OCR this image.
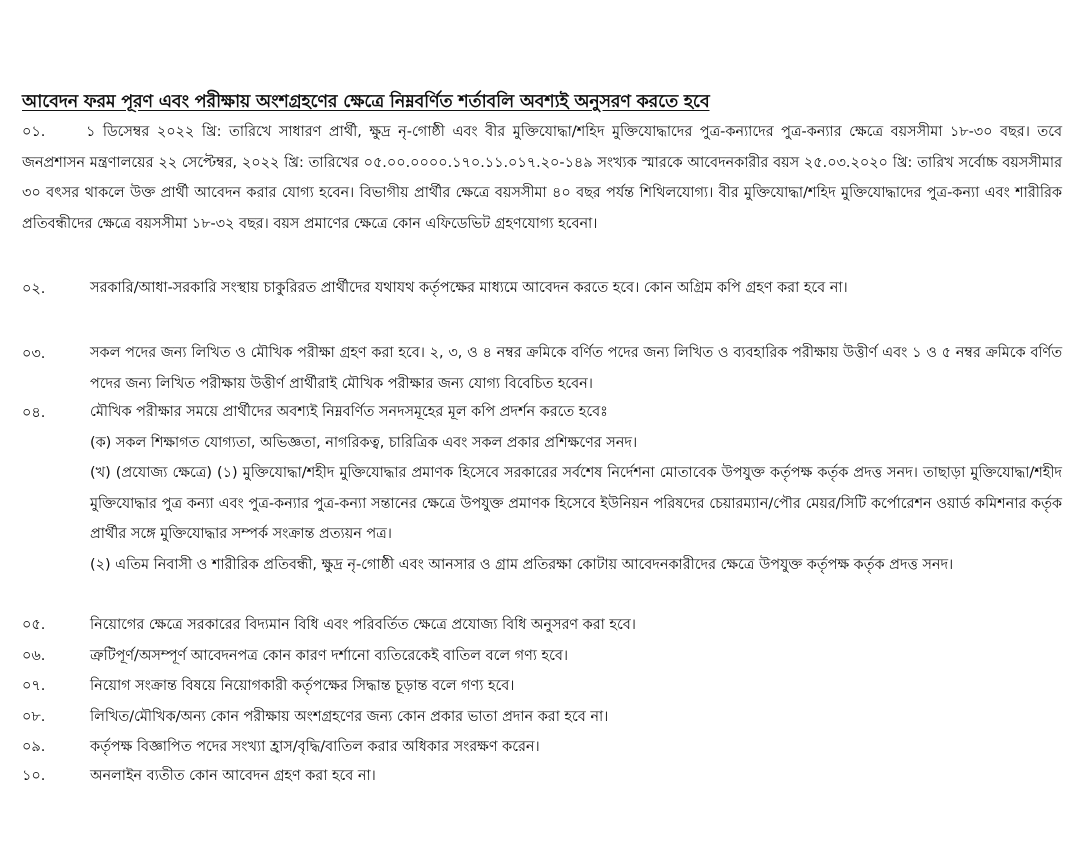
আবেদন ফরম পূরণ এবং পরীক্ষায় অংশগ্রহণের ক্ষেত্রে নিম্নবর্ণিত শর্তাবলি অবশ্যই অনুসরণ করতে হবে
০১.	১ ডিসেম্বর ২০২২ খ্রি: তারিখে সাধারণ প্রার্থী, ক্ষুদ্র নৃ-গোষ্ঠী এবং বীর মুক্তিযোদ্ধা/শহিদ মুক্তিযোদ্ধাদের পুত্র-কন্যাদের পুত্র-কন্যার ক্ষেত্রে বয়সসীমা ১৮-৩০ বছর। তবে জনপ্রশাসন মন্ত্রণালয়ের ২২ সেপ্টেম্বর, ২০২২ খ্রি: তারিখের ০৫.০০.০০০০.১৭০.১১.০১৭.২০-১৪৯ সংখ্যক স্মারকে আবেদনকারীর বয়স ২৫.০৩.২০২০ খ্রি: তারিখ সর্বোচ্চ বয়সসীমার ৩০ বৎসর থাকলে উক্ত প্রার্থী আবেদন করার যোগ্য হবেন। বিভাগীয় প্রার্থীর ক্ষেত্রে বয়সসীমা ৪০ বছর পর্যন্ত শিথিলযোগ্য। বীর মুক্তিযোদ্ধা/শহিদ মুক্তিযোদ্ধাদের পুত্র-কন্যা এবং শারীরিক প্রতিবন্ধীদের ক্ষেত্রে বয়সসীমা ১৮-৩২ বছর। বয়স প্রমাণের ক্ষেত্রে কোন এফিডেভিট গ্রহণযোগ্য হবেনা।
০২.	সরকারি/আধা-সরকারি সংস্থায় চাকুরিরত প্রার্থীদের যথাযথ কর্তৃপক্ষের মাধ্যমে আবেদন করতে হবে। কোন অগ্রিম কপি গ্রহণ করা হবে না।
০৩.	সকল পদের জন্য লিখিত ও মৌখিক পরীক্ষা গ্রহণ করা হবে। ২, ৩, ও ৪ নম্বর ক্রমিকে বর্ণিত পদের জন্য লিখিত ও ব্যবহারিক পরীক্ষায় উত্তীর্ণ এবং ১ ও ৫ নম্বর ক্রমিকে বর্ণিত পদের জন্য লিখিত পরীক্ষায় উত্তীর্ণ প্রার্থীরাই মৌখিক পরীক্ষার জন্য যোগ্য বিবেচিত হবেন।
০৪.	মৌখিক পরীক্ষার সময়ে প্রার্থীদের অবশ্যই নিম্নবর্ণিত সনদসমূহের মূল কপি প্রদর্শন করতে হবেঃ
(ক) সকল শিক্ষাগত যোগ্যতা, অভিজ্ঞতা, নাগরিকত্ব, চারিত্রিক এবং সকল প্রকার প্রশিক্ষণের সনদ।
(খ) (প্রযোজ্য ক্ষেত্রে) (১) মুক্তিযোদ্ধা/শহীদ মুক্তিযোদ্ধার প্রমাণক হিসেবে সরকারের সর্বশেষ নির্দেশনা মোতাবেক উপযুক্ত কর্তৃপক্ষ কর্তৃক প্রদত্ত সনদ। তাছাড়া মুক্তিযোদ্ধা/শহীদ মুক্তিযোদ্ধার পুত্র কন্যা এবং পুত্র-কন্যার পুত্র-কন্যা সন্তানের ক্ষেত্রে উপযুক্ত প্রমাণক হিসেবে ইউনিয়ন পরিষদের চেয়ারম্যান/পৌর মেয়র/সিটি কর্পোরেশন ওয়ার্ড কমিশনার কর্তৃক প্রার্থীর সঙ্গে মুক্তিযোদ্ধার সম্পর্ক সংক্রান্ত প্রত্যয়ন পত্র।
(২) এতিম নিবাসী ও শারীরিক প্রতিবন্ধী, ক্ষুদ্র নৃ-গোষ্ঠী এবং আনসার ও গ্রাম প্রতিরক্ষা কোটায় আবেদনকারীদের ক্ষেত্রে উপযুক্ত কর্তৃপক্ষ কর্তৃক প্রদত্ত সনদ।
০৫.	নিয়োগের ক্ষেত্রে সরকারের বিদ্যমান বিধি এবং পরিবর্তিত ক্ষেত্রে প্রযোজ্য বিধি অনুসরণ করা হবে।
০৬.	ত্রুটিপূর্ণ/অসম্পূর্ণ আবেদনপত্র কোন কারণ দর্শানো ব্যতিরেকেই বাতিল বলে গণ্য হবে।
০৭.	নিয়োগ সংক্রান্ত বিষয়ে নিয়োগকারী কর্তৃপক্ষের সিদ্ধান্ত চূড়ান্ত বলে গণ্য হবে।
০৮.	লিখিত/মৌখিক/অন্য কোন পরীক্ষায় অংশগ্রহণের জন্য কোন প্রকার ভাতা প্রদান করা হবে না।
০৯.	কর্তৃপক্ষ বিজ্ঞাপিত পদের সংখ্যা হ্রাস/বৃদ্ধি/বাতিল করার অধিকার সংরক্ষণ করেন।
১০.	অনলাইন ব্যতীত কোন আবেদন গ্রহণ করা হবে না।
